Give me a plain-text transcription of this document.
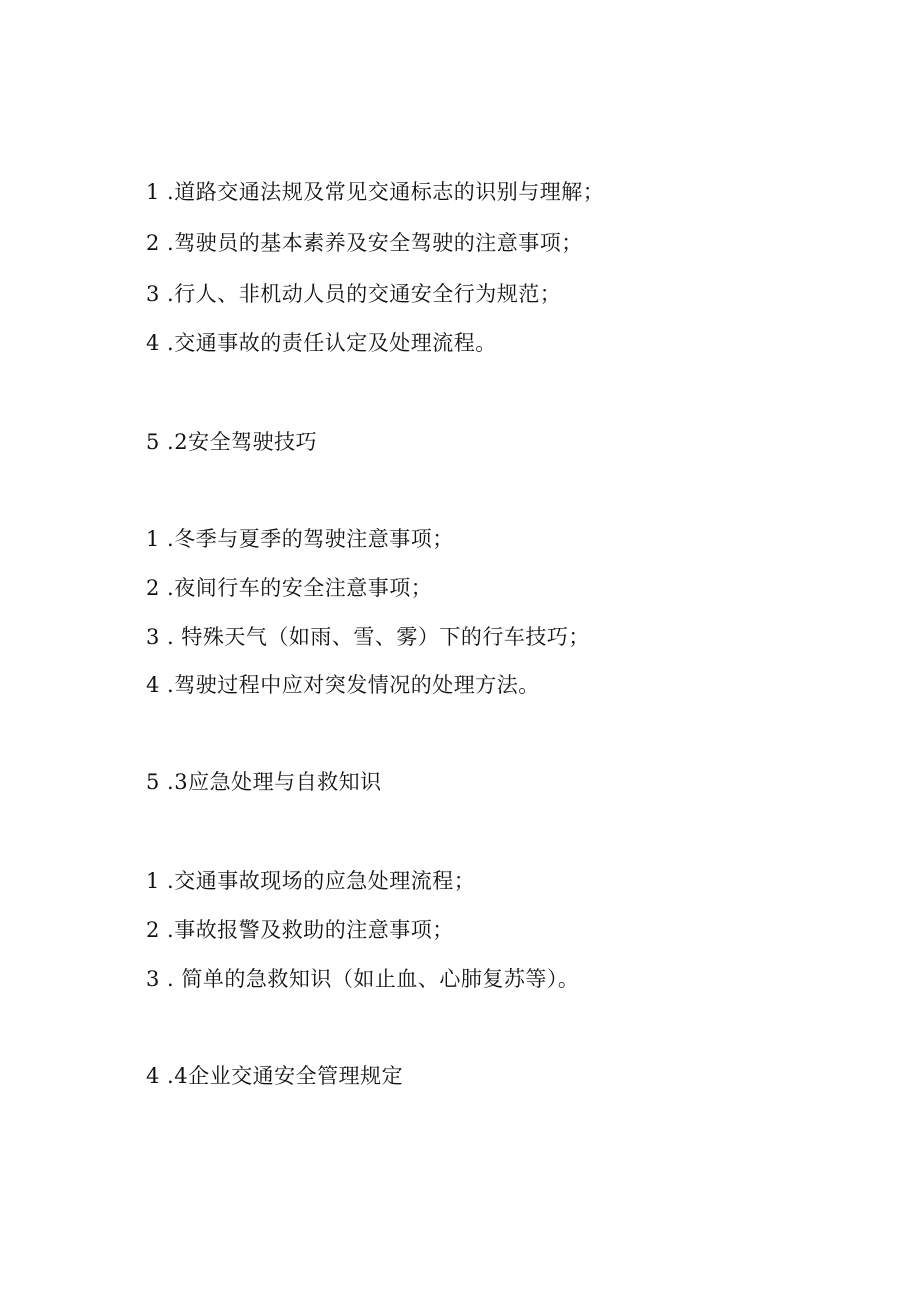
1 .道路交通法规及常见交通标志的识别与理解；

2 .驾驶员的基本素养及安全驾驶的注意事项；

3 .行人、非机动人员的交通安全行为规范；

4 .交通事故的责任认定及处理流程。

5 .2安全驾驶技巧

1 .冬季与夏季的驾驶注意事项；

2 .夜间行车的安全注意事项；

3 . 特殊天气（如雨、雪、雾）下的行车技巧；

4 .驾驶过程中应对突发情况的处理方法。

5 .3应急处理与自救知识

1 .交通事故现场的应急处理流程；

2 .事故报警及救助的注意事项；

3 . 简单的急救知识（如止血、心肺复苏等）。

4 .4企业交通安全管理规定
